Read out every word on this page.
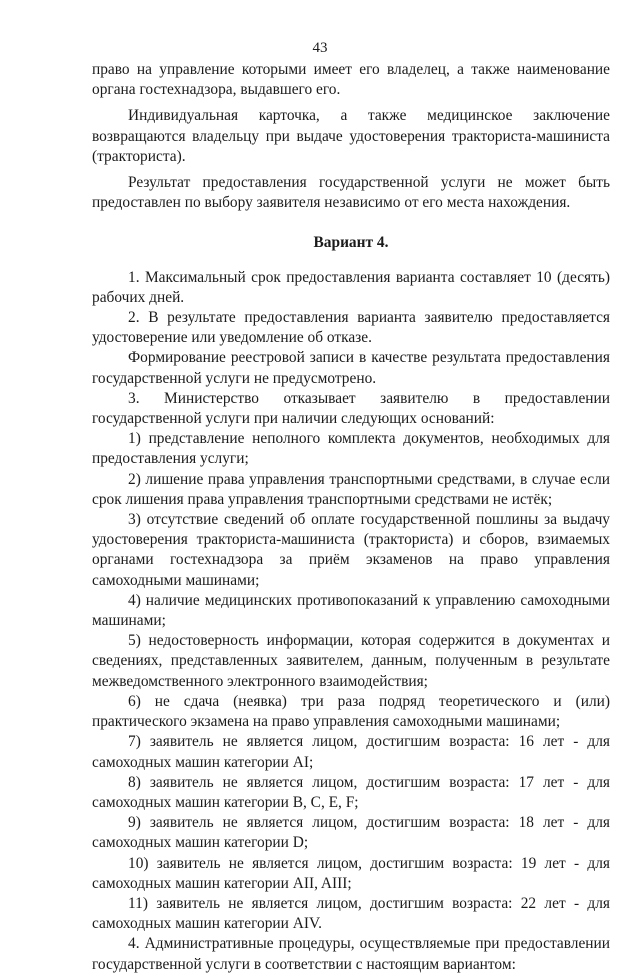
43

право на управление которыми имеет его владелец, а также наименование органа гостехнадзора, выдавшего его.

Индивидуальная карточка, а также медицинское заключение возвращаются владельцу при выдаче удостоверения тракториста-машиниста (тракториста).

Результат предоставления государственной услуги не может быть предоставлен по выбору заявителя независимо от его места нахождения.

Вариант 4.

1. Максимальный срок предоставления варианта составляет 10 (десять) рабочих дней.

2. В результате предоставления варианта заявителю предоставляется удостоверение или уведомление об отказе.

Формирование реестровой записи в качестве результата предоставления государственной услуги не предусмотрено.

3. Министерство отказывает заявителю в предоставлении государственной услуги при наличии следующих оснований:

1) представление неполного комплекта документов, необходимых для предоставления услуги;

2) лишение права управления транспортными средствами, в случае если срок лишения права управления транспортными средствами не истёк;

3) отсутствие сведений об оплате государственной пошлины за выдачу удостоверения тракториста-машиниста (тракториста) и сборов, взимаемых органами гостехнадзора за приём экзаменов на право управления самоходными машинами;

4) наличие медицинских противопоказаний к управлению самоходными машинами;

5) недостоверность информации, которая содержится в документах и сведениях, представленных заявителем, данным, полученным в результате межведомственного электронного взаимодействия;

6) не сдача (неявка) три раза подряд теоретического и (или) практического экзамена на право управления самоходными машинами;

7) заявитель не является лицом, достигшим возраста: 16 лет - для самоходных машин категории AI;

8) заявитель не является лицом, достигшим возраста: 17 лет - для самоходных машин категории B, C, E, F;

9) заявитель не является лицом, достигшим возраста: 18 лет - для самоходных машин категории D;

10) заявитель не является лицом, достигшим возраста: 19 лет - для самоходных машин категории AII, AIII;

11) заявитель не является лицом, достигшим возраста: 22 лет - для самоходных машин категории AIV.

4. Административные процедуры, осуществляемые при предоставлении государственной услуги в соответствии с настоящим вариантом:
